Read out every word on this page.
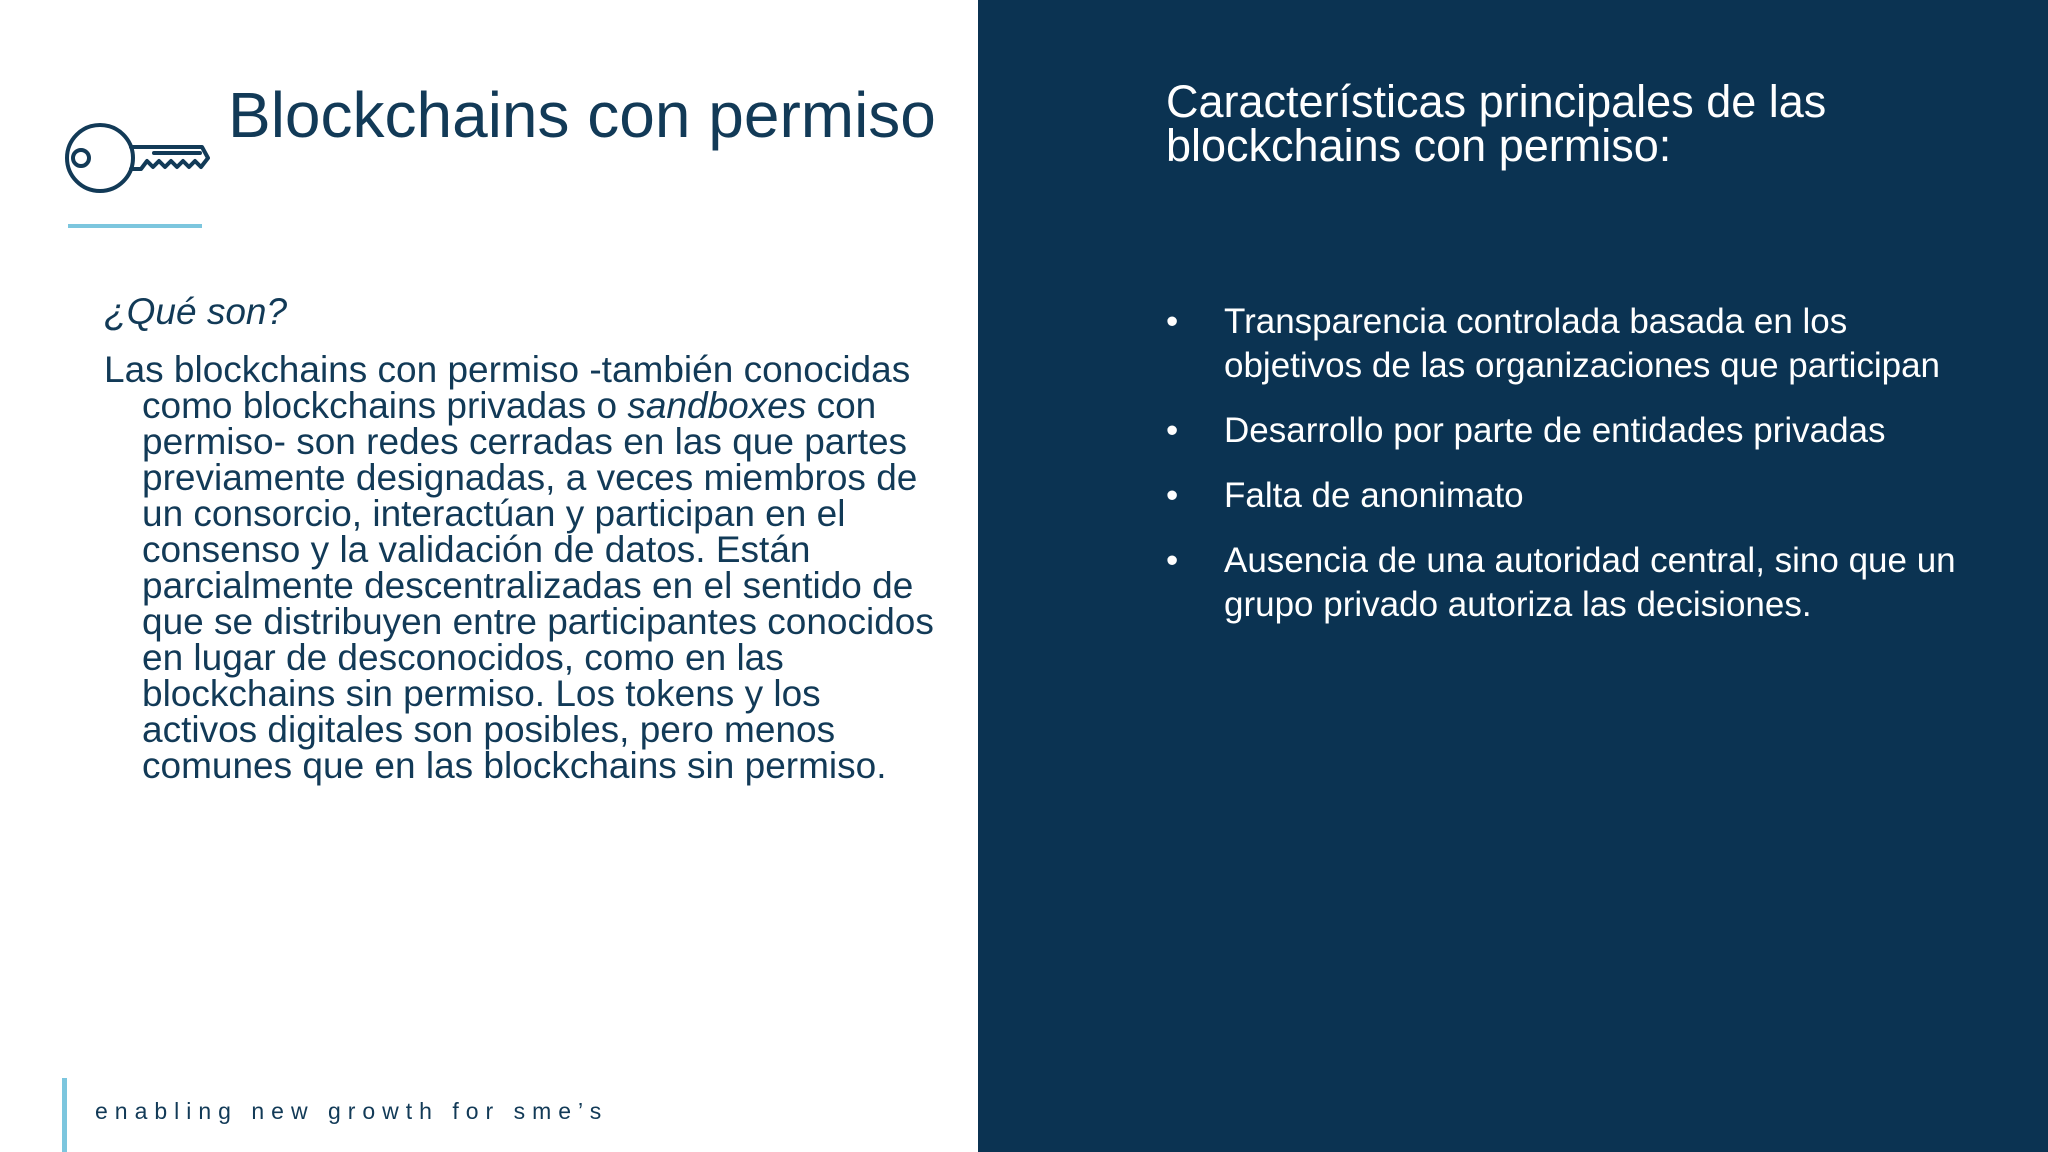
Blockchains con permiso

¿Qué son?

Las blockchains con permiso -también conocidas como blockchains privadas o sandboxes con permiso- son redes cerradas en las que partes previamente designadas, a veces miembros de un consorcio, interactúan y participan en el consenso y la validación de datos. Están parcialmente descentralizadas en el sentido de que se distribuyen entre participantes conocidos en lugar de desconocidos, como en las blockchains sin permiso. Los tokens y los activos digitales son posibles, pero menos comunes que en las blockchains sin permiso.

enabling new growth for sme’s

Características principales de las blockchains con permiso:
•	Transparencia controlada basada en los objetivos de las organizaciones que participan
•	Desarrollo por parte de entidades privadas
•	Falta de anonimato
•	Ausencia de una autoridad central, sino que un grupo privado autoriza las decisiones.
